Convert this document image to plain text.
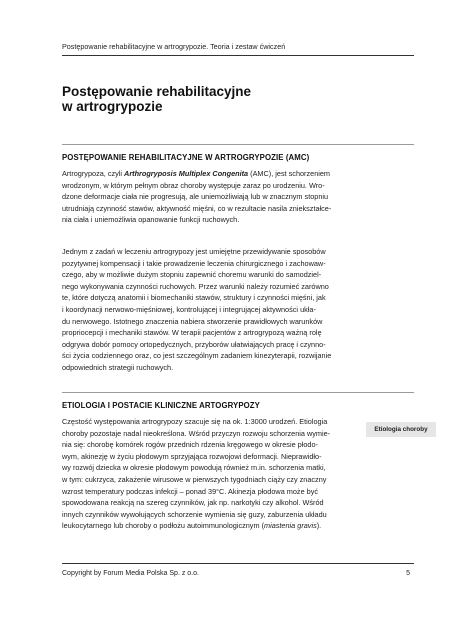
Postępowanie rehabilitacyjne w artrogrypozie. Teoria i zestaw ćwiczeń
Postępowanie rehabilitacyjne
w artrogrypozie
POSTĘPOWANIE REHABILITACYJNE W ARTROGRYPOZIE (AMC)
Artrogrypoza, czyli Arthrogryposis Multiplex Congenita (AMC), jest schorzeniem
wrodzonym, w którym pełnym obraz choroby występuje zaraz po urodzeniu. Wro-
dzone deformacje ciała nie progresują, ale uniemożliwiają lub w znacznym stopniu
utrudniają czynność stawów, aktywność mięśni, co w rezultacie nasila zniekształce-
nia ciała i uniemożliwia opanowanie funkcji ruchowych.
Jednym z zadań w leczeniu artrogrypozy jest umiejętne przewidywanie sposobów
pozytywnej kompensacji i takie prowadzenie leczenia chirurgicznego i zachowaw-
czego, aby w możliwie dużym stopniu zapewnić choremu warunki do samodziel-
nego wykonywania czynności ruchowych. Przez warunki należy rozumieć zarówno
te, które dotyczą anatomii i biomechaniki stawów, struktury i czynności mięśni, jak
i koordynacji nerwowo-mięśniowej, kontrolującej i integrującej aktywności ukła-
du nerwowego. Istotnego znaczenia nabiera stworzenie prawidłowych warunków
propriocepcji i mechaniki stawów. W terapii pacjentów z artrogrypozą ważną rolę
odgrywa dobór pomocy ortopedycznych, przyborów ułatwiających pracę i czynno-
ści życia codziennego oraz, co jest szczególnym zadaniem kinezyterapii, rozwijanie
odpowiednich strategii ruchowych.
ETIOLOGIA I POSTACIE KLINICZNE ARTOGRYPOZY
Etiologia choroby
Częstość występowania artrogrypozy szacuje się na ok. 1:3000 urodzeń. Etiologia
choroby pozostaje nadal nieokreślona. Wśród przyczyn rozwoju schorzenia wymie-
nia się: chorobę komórek rogów przednich rdzenia kręgowego w okresie płodo-
wym, akinezję w życiu płodowym sprzyjająca rozwojowi deformacji. Nieprawidło-
wy rozwój dziecka w okresie płodowym powodują również m.in. schorzenia matki,
w tym: cukrzyca, zakażenie wirusowe w pierwszych tygodniach ciąży czy znaczny
wzrost temperatury podczas infekcji – ponad 39°C. Akinezja płodowa może być
spowodowana reakcją na szereg czynników, jak np. narkotyki czy alkohol. Wśród
innych czynników wywołujących schorzenie wymienia się guzy, zaburzenia układu
leukocytarnego lub choroby o podłożu autoimmunologicznym (miastenia gravis).
Copyright by Forum Media Polska Sp. z o.o.	5
